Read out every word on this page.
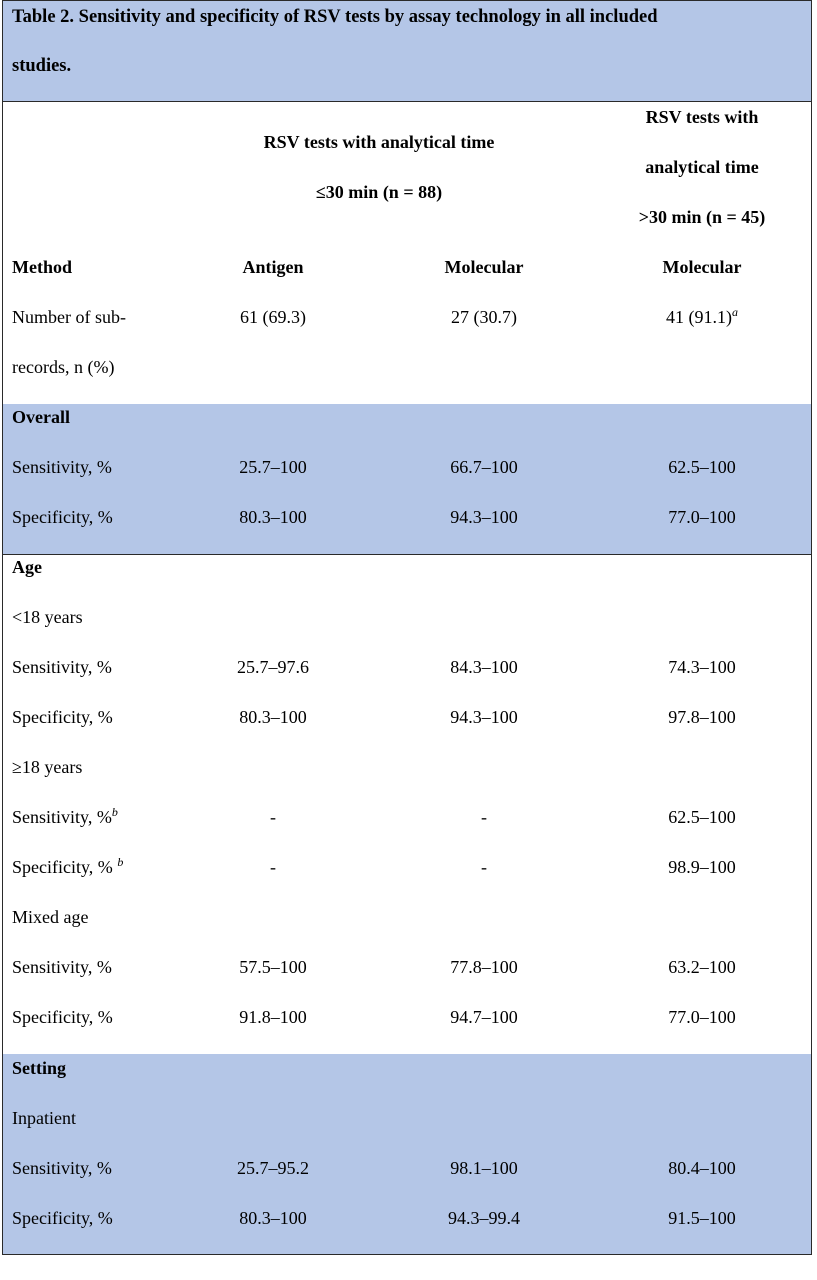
Table 2. Sensitivity and specificity of RSV tests by assay technology in all included
studies.
RSV tests with analytical time
≤30 min (n = 88)
RSV tests with
analytical time
>30 min (n = 45)
Method	Antigen	Molecular	Molecular
Number of sub-
records, n (%)
61 (69.3)	27 (30.7)	41 $(91.1)^a$
Overall
Sensitivity, %	25.7–100	66.7–100	62.5–100
Specificity, %	80.3–100	94.3–100	77.0–100
Age
<18 years
Sensitivity, %	25.7–97.6	84.3–100	74.3–100
Specificity, %	80.3–100	94.3–100	97.8–100
≥18 years
Sensitivity, %$^b$	-	-	62.5–100
Specificity, % $^b$	-	-	98.9–100
Mixed age
Sensitivity, %	57.5–100	77.8–100	63.2–100
Specificity, %	91.8–100	94.7–100	77.0–100
Setting
Inpatient
Sensitivity, %	25.7–95.2	98.1–100	80.4–100
Specificity, %	80.3–100	94.3–99.4	91.5–100
